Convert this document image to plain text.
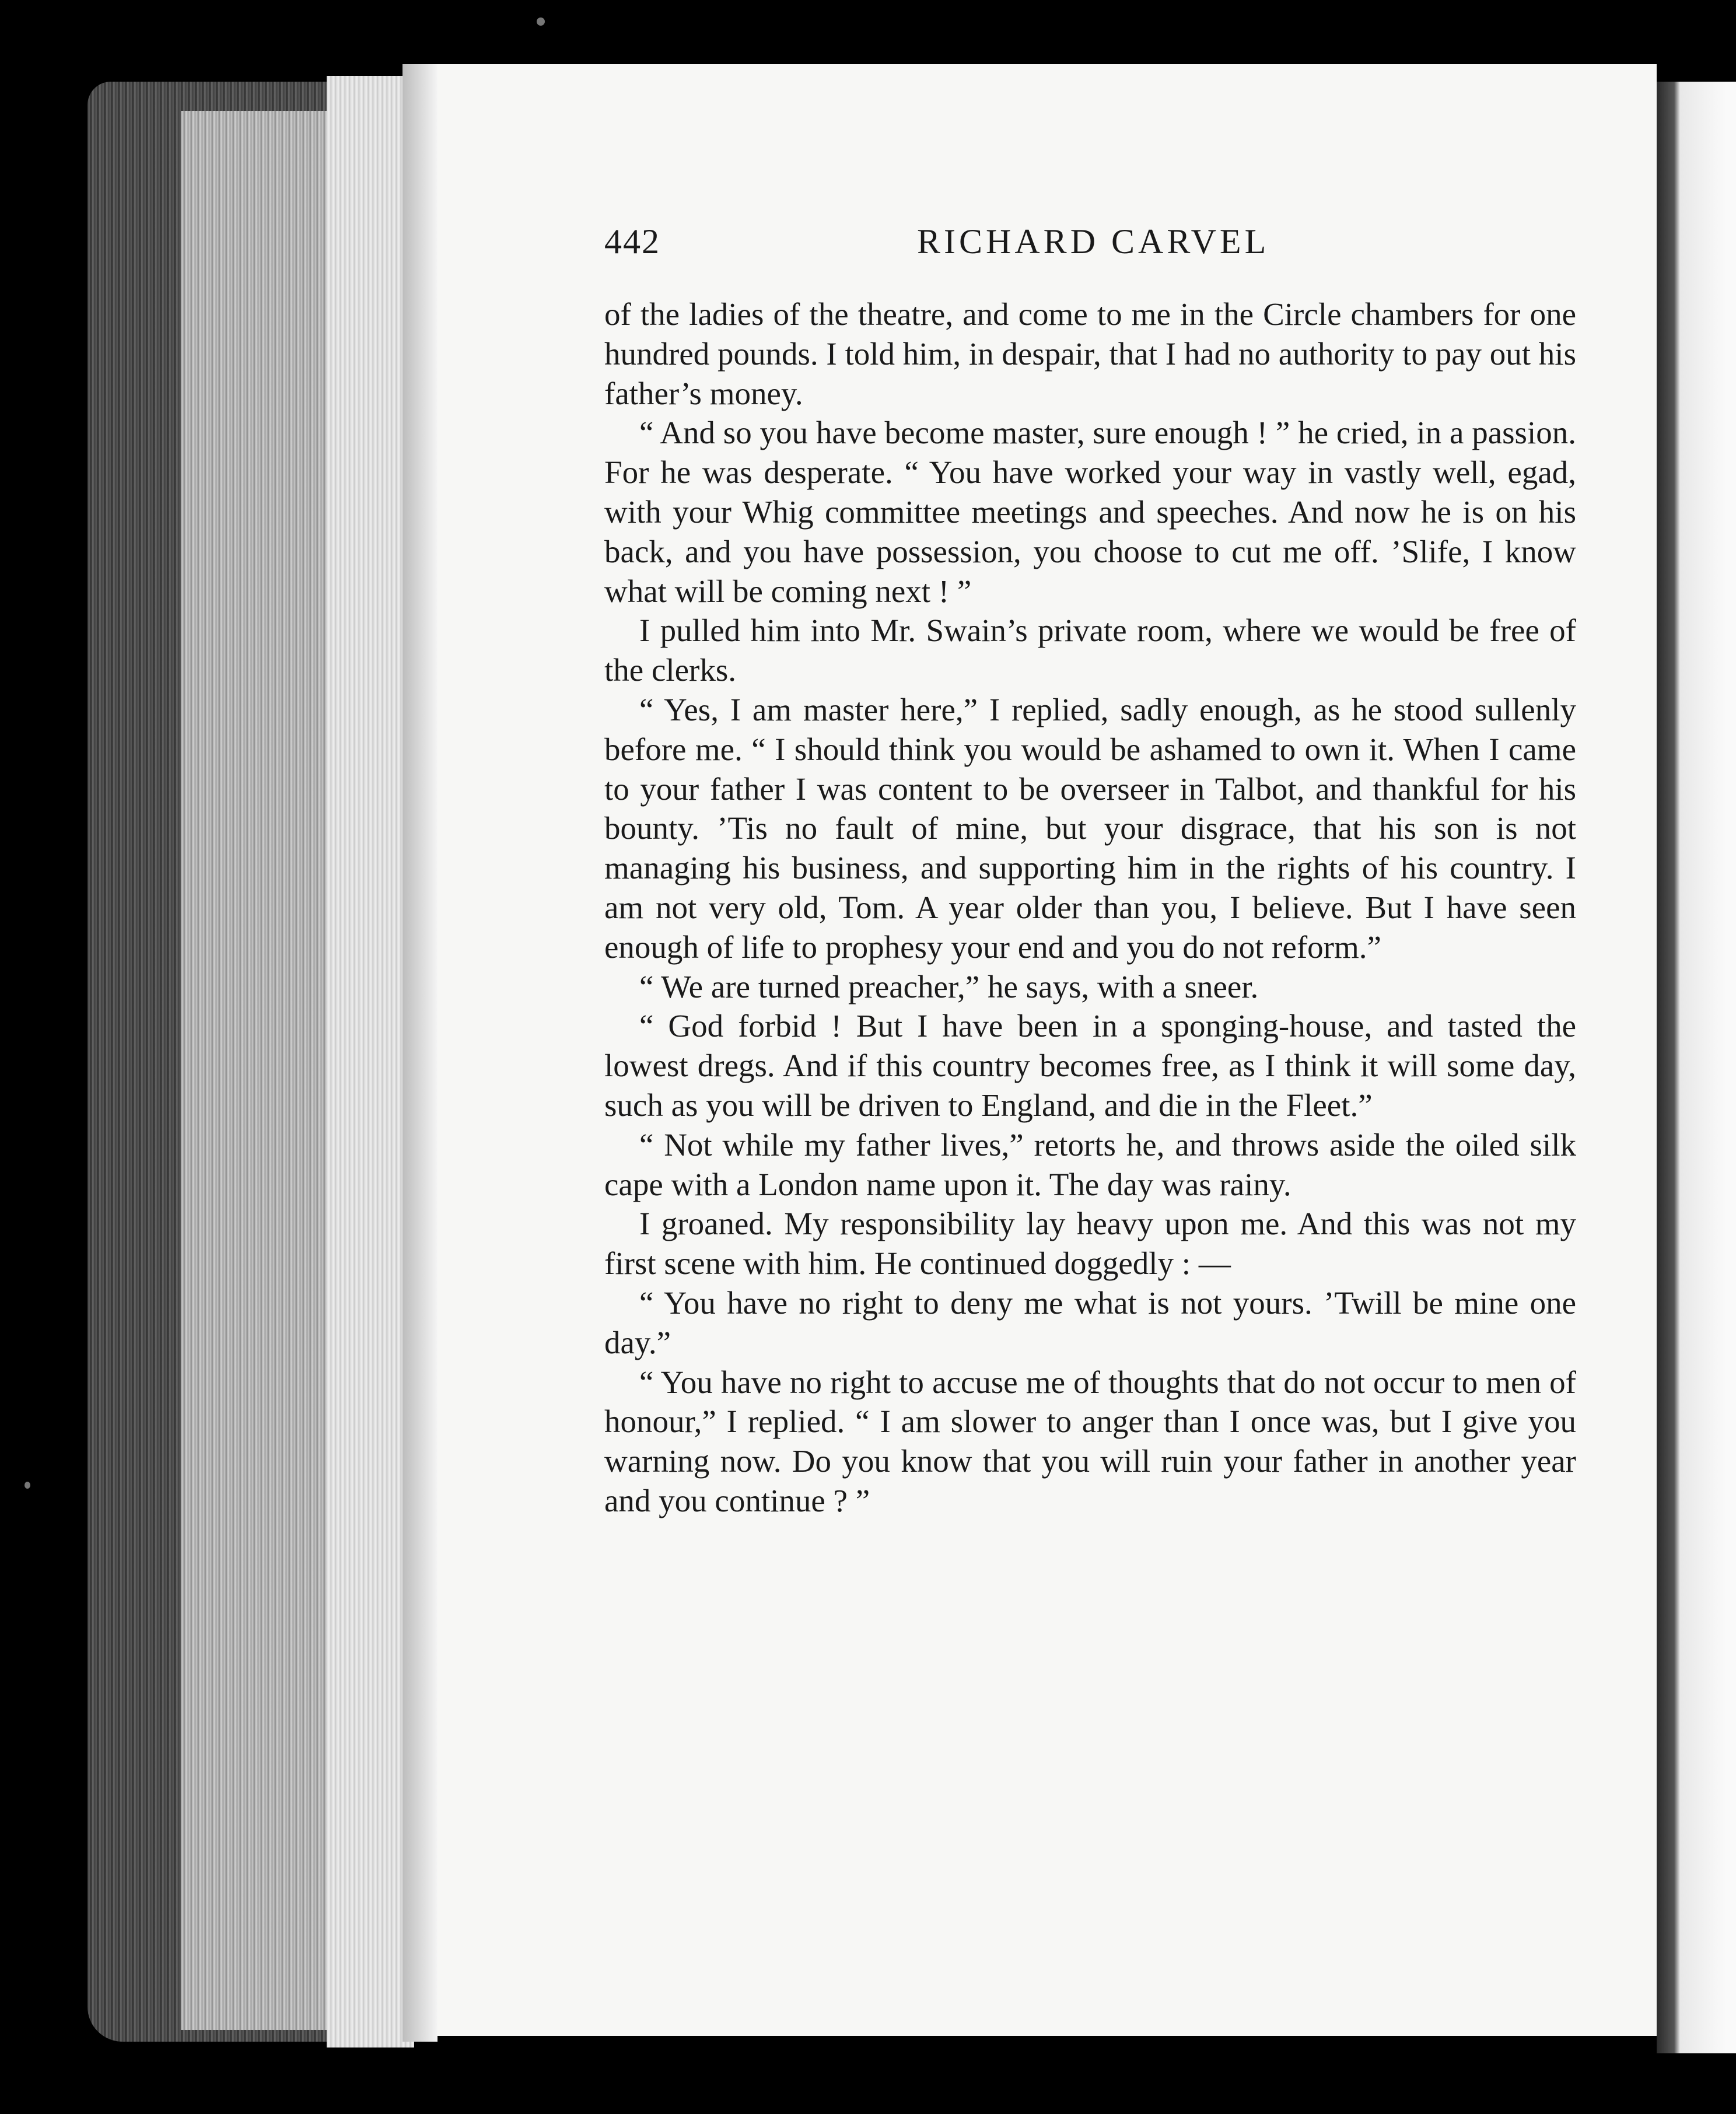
442	RICHARD CARVEL

of the ladies of the theatre, and come to me in the Circle chambers for one hundred pounds. I told him, in despair, that I had no authority to pay out his father’s money.

“ And so you have become master, sure enough ! ” he cried, in a passion. For he was desperate. “ You have worked your way in vastly well, egad, with your Whig committee meetings and speeches. And now he is on his back, and you have possession, you choose to cut me off. ’Slife, I know what will be coming next ! ”

I pulled him into Mr. Swain’s private room, where we would be free of the clerks.

“ Yes, I am master here,” I replied, sadly enough, as he stood sullenly before me. “ I should think you would be ashamed to own it. When I came to your father I was content to be overseer in Talbot, and thankful for his bounty. ’Tis no fault of mine, but your disgrace, that his son is not managing his business, and supporting him in the rights of his country. I am not very old, Tom. A year older than you, I believe. But I have seen enough of life to prophesy your end and you do not reform.”

“ We are turned preacher,” he says, with a sneer.

“ God forbid ! But I have been in a sponging-house, and tasted the lowest dregs. And if this country becomes free, as I think it will some day, such as you will be driven to England, and die in the Fleet.”

“ Not while my father lives,” retorts he, and throws aside the oiled silk cape with a London name upon it. The day was rainy.

I groaned. My responsibility lay heavy upon me. And this was not my first scene with him. He continued doggedly : —

“ You have no right to deny me what is not yours. ’Twill be mine one day.”

“ You have no right to accuse me of thoughts that do not occur to men of honour,” I replied. “ I am slower to anger than I once was, but I give you warning now. Do you know that you will ruin your father in another year and you continue ? ”
